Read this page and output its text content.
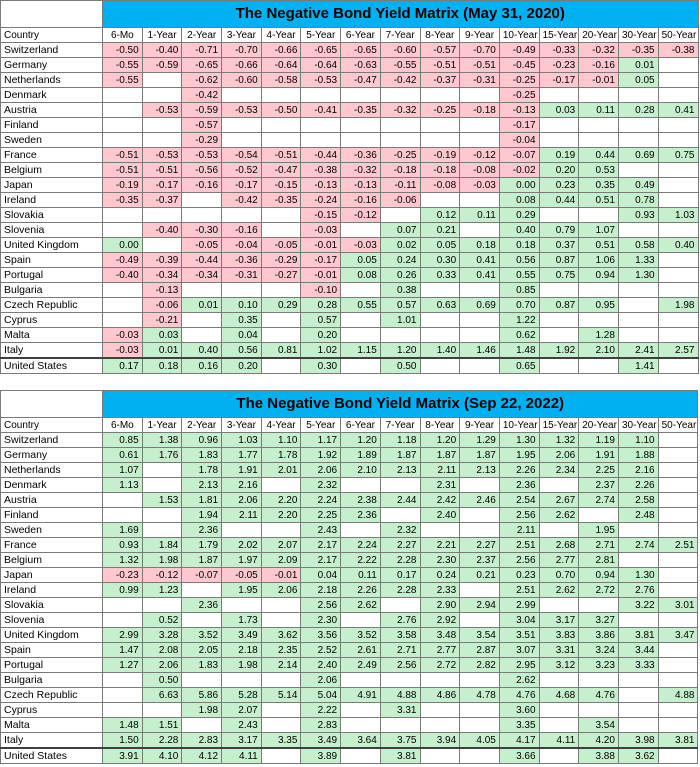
	The Negative Bond Yield Matrix (May 31, 2020)														
Country	6-Mo	1-Year	2-Year	3-Year	4-Year	5-Year	6-Year	7-Year	8-Year	9-Year	10-Year	15-Year	20-Year	30-Year	50-Year
Switzerland	-0.50	-0.40	-0.71	-0.70	-0.66	-0.65	-0.65	-0.60	-0.57	-0.70	-0.49	-0.33	-0.32	-0.35	-0.38
Germany	-0.55	-0.59	-0.65	-0.66	-0.64	-0.64	-0.63	-0.55	-0.51	-0.51	-0.45	-0.23	-0.16	0.01	
Netherlands	-0.55		-0.62	-0.60	-0.58	-0.53	-0.47	-0.42	-0.37	-0.31	-0.25	-0.17	-0.01	0.05	
Denmark			-0.42								-0.25				
Austria		-0.53	-0.59	-0.53	-0.50	-0.41	-0.35	-0.32	-0.25	-0.18	-0.13	0.03	0.11	0.28	0.41
Finland			-0.57								-0.17				
Sweden			-0.29								-0.04				
France	-0.51	-0.53	-0.53	-0.54	-0.51	-0.44	-0.36	-0.25	-0.19	-0.12	-0.07	0.19	0.44	0.69	0.75
Belgium	-0.51	-0.51	-0.56	-0.52	-0.47	-0.38	-0.32	-0.18	-0.18	-0.08	-0.02	0.20	0.53		
Japan	-0.19	-0.17	-0.16	-0.17	-0.15	-0.13	-0.13	-0.11	-0.08	-0.03	0.00	0.23	0.35	0.49	
Ireland	-0.35	-0.37		-0.42	-0.35	-0.24	-0.16	-0.06			0.08	0.44	0.51	0.78	
Slovakia						-0.15	-0.12		0.12	0.11	0.29			0.93	1.03
Slovenia		-0.40	-0.30	-0.16		-0.03		0.07	0.21		0.40	0.79	1.07		
United Kingdom	0.00		-0.05	-0.04	-0.05	-0.01	-0.03	0.02	0.05	0.18	0.18	0.37	0.51	0.58	0.40
Spain	-0.49	-0.39	-0.44	-0.36	-0.29	-0.17	0.05	0.24	0.30	0.41	0.56	0.87	1.06	1.33	
Portugal	-0.40	-0.34	-0.34	-0.31	-0.27	-0.01	0.08	0.26	0.33	0.41	0.55	0.75	0.94	1.30	
Bulgaria		-0.13				-0.10		0.38			0.85				
Czech Republic		-0.06	0.01	0.10	0.29	0.28	0.55	0.57	0.63	0.69	0.70	0.87	0.95		1.98
Cyprus		-0.21		0.35		0.57		1.01			1.22				
Malta	-0.03	0.03		0.04		0.20					0.62		1.28		
Italy	-0.03	0.01	0.40	0.56	0.81	1.02	1.15	1.20	1.40	1.46	1.48	1.92	2.10	2.41	2.57
United States	0.17	0.18	0.16	0.20		0.30		0.50			0.65			1.41	
	The Negative Bond Yield Matrix (Sep 22, 2022)														
Country	6-Mo	1-Year	2-Year	3-Year	4-Year	5-Year	6-Year	7-Year	8-Year	9-Year	10-Year	15-Year	20-Year	30-Year	50-Year
Switzerland	0.85	1.38	0.96	1.03	1.10	1.17	1.20	1.18	1.20	1.29	1.30	1.32	1.19	1.10	
Germany	0.61	1.76	1.83	1.77	1.78	1.92	1.89	1.87	1.87	1.87	1.95	2.06	1.91	1.88	
Netherlands	1.07		1.78	1.91	2.01	2.06	2.10	2.13	2.11	2.13	2.26	2.34	2.25	2.16	
Denmark	1.13		2.13	2.16		2.32			2.31		2.36		2.37	2.26	
Austria		1.53	1.81	2.06	2.20	2.24	2.38	2.44	2.42	2.46	2.54	2.67	2.74	2.58	
Finland			1.94	2.11	2.20	2.25	2.36		2.40		2.56	2.62		2.48	
Sweden	1.69		2.36			2.43		2.32			2.11		1.95		
France	0.93	1.84	1.79	2.02	2.07	2.17	2.24	2.27	2.21	2.27	2.51	2.68	2.71	2.74	2.51
Belgium	1.32	1.98	1.87	1.97	2.09	2.17	2.22	2.28	2.30	2.37	2.56	2.77	2.81		
Japan	-0.23	-0.12	-0.07	-0.05	-0.01	0.04	0.11	0.17	0.24	0.21	0.23	0.70	0.94	1.30	
Ireland	0.99	1.23		1.95	2.06	2.18	2.26	2.28	2.33		2.51	2.62	2.72	2.76	
Slovakia			2.36			2.56	2.62		2.90	2.94	2.99			3.22	3.01
Slovenia		0.52		1.73		2.30		2.76	2.92		3.04	3.17	3.27		
United Kingdom	2.99	3.28	3.52	3.49	3.62	3.56	3.52	3.58	3.48	3.54	3.51	3.83	3.86	3.81	3.47
Spain	1.47	2.08	2.05	2.18	2.35	2.52	2.61	2.71	2.77	2.87	3.07	3.31	3.24	3.44	
Portugal	1.27	2.06	1.83	1.98	2.14	2.40	2.49	2.56	2.72	2.82	2.95	3.12	3.23	3.33	
Bulgaria		0.50				2.06					2.62				
Czech Republic		6.63	5.86	5.28	5.14	5.04	4.91	4.88	4.86	4.78	4.76	4.68	4.76		4.88
Cyprus			1.98	2.07		2.22		3.31			3.60				
Malta	1.48	1.51		2.43		2.83					3.35		3.54		
Italy	1.50	2.28	2.83	3.17	3.35	3.49	3.64	3.75	3.94	4.05	4.17	4.11	4.20	3.98	3.81
United States	3.91	4.10	4.12	4.11		3.89		3.81			3.66		3.88	3.62	
